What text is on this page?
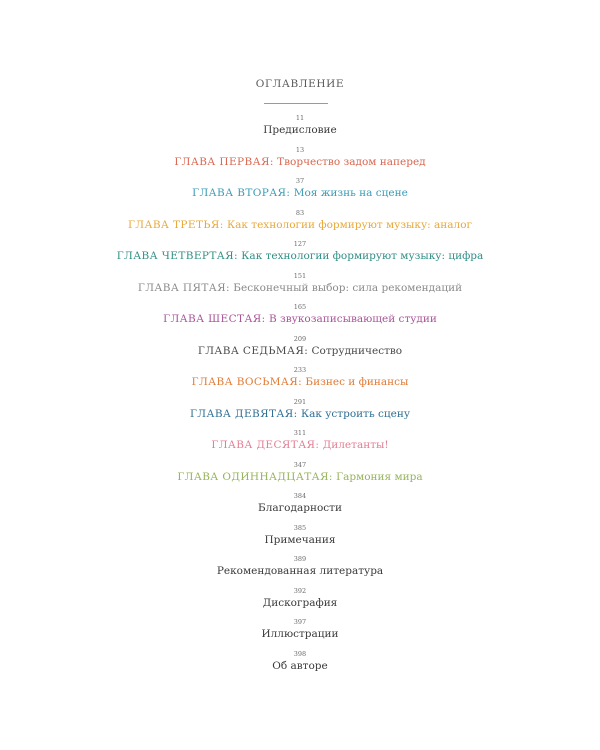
ОГЛАВЛЕНИЕ
11
Предисловие
13
ГЛАВА ПЕРВАЯ: Творчество задом наперед
37
ГЛАВА ВТОРАЯ: Моя жизнь на сцене
83
ГЛАВА ТРЕТЬЯ: Как технологии формируют музыку: аналог
127
ГЛАВА ЧЕТВЕРТАЯ: Как технологии формируют музыку: цифра
151
ГЛАВА ПЯТАЯ: Бесконечный выбор: сила рекомендаций
165
ГЛАВА ШЕСТАЯ: В звукозаписывающей студии
209
ГЛАВА СЕДЬМАЯ: Сотрудничество
233
ГЛАВА ВОСЬМАЯ: Бизнес и финансы
291
ГЛАВА ДЕВЯТАЯ: Как устроить сцену
311
ГЛАВА ДЕСЯТАЯ: Дилетанты!
347
ГЛАВА ОДИННАДЦАТАЯ: Гармония мира
384
Благодарности
385
Примечания
389
Рекомендованная литература
392
Дискография
397
Иллюстрации
398
Об авторе
